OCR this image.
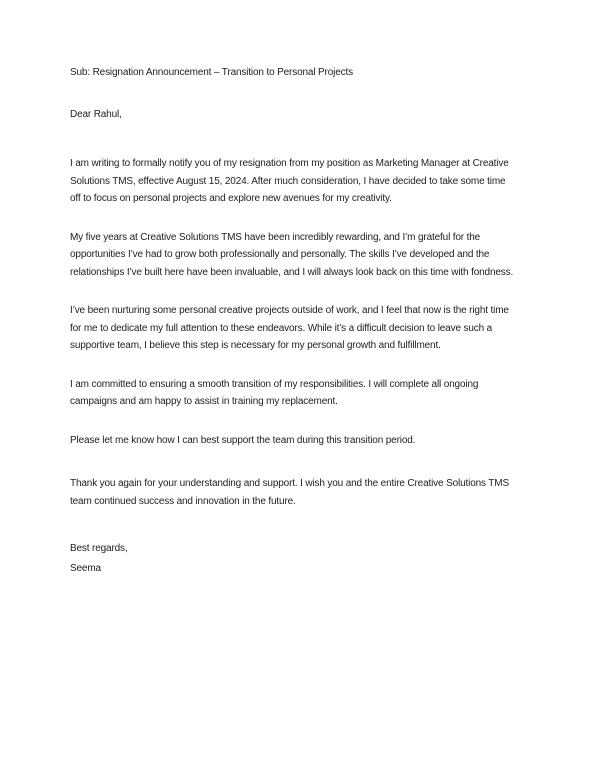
Sub: Resignation Announcement – Transition to Personal Projects
Dear Rahul,
I am writing to formally notify you of my resignation from my position as Marketing Manager at Creative
Solutions TMS, effective August 15, 2024. After much consideration, I have decided to take some time
off to focus on personal projects and explore new avenues for my creativity.
My five years at Creative Solutions TMS have been incredibly rewarding, and I’m grateful for the
opportunities I’ve had to grow both professionally and personally. The skills I’ve developed and the
relationships I’ve built here have been invaluable, and I will always look back on this time with fondness.
I’ve been nurturing some personal creative projects outside of work, and I feel that now is the right time
for me to dedicate my full attention to these endeavors. While it’s a difficult decision to leave such a
supportive team, I believe this step is necessary for my personal growth and fulfillment.
I am committed to ensuring a smooth transition of my responsibilities. I will complete all ongoing
campaigns and am happy to assist in training my replacement.
Please let me know how I can best support the team during this transition period.
Thank you again for your understanding and support. I wish you and the entire Creative Solutions TMS
team continued success and innovation in the future.
Best regards,
Seema
